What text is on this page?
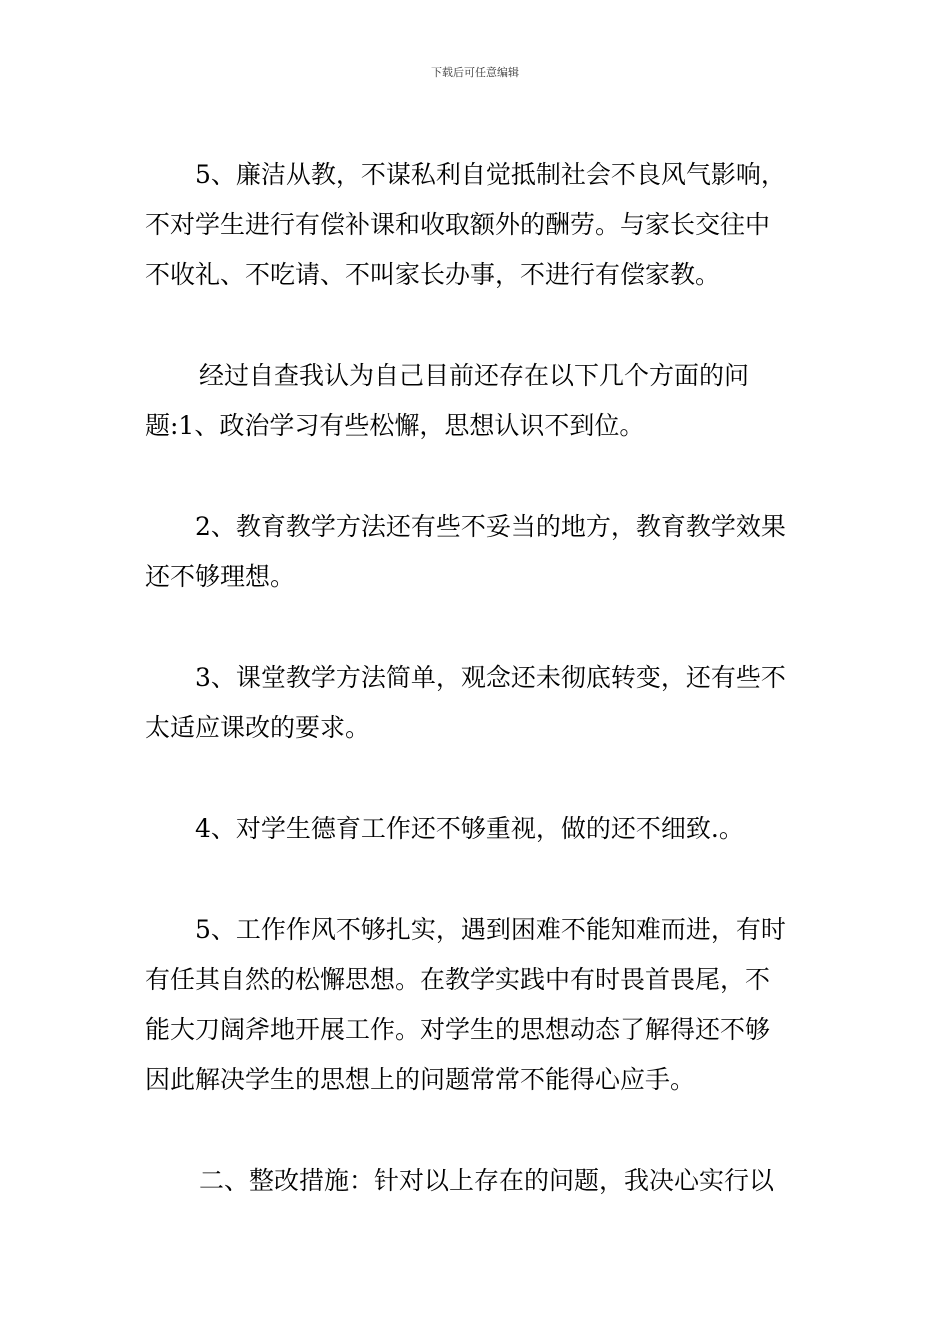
下载后可任意编辑

5、廉洁从教，不谋私利自觉抵制社会不良风气影响，
不对学生进行有偿补课和收取额外的酬劳。与家长交往中
不收礼、不吃请、不叫家长办事，不进行有偿家教。

经过自查我认为自己目前还存在以下几个方面的问
题:1、政治学习有些松懈，思想认识不到位。

2、教育教学方法还有些不妥当的地方，教育教学效果
还不够理想。

3、课堂教学方法简单，观念还未彻底转变，还有些不
太适应课改的要求。

4、对学生德育工作还不够重视，做的还不细致.。

5、工作作风不够扎实，遇到困难不能知难而进，有时
有任其自然的松懈思想。在教学实践中有时畏首畏尾，不
能大刀阔斧地开展工作。对学生的思想动态了解得还不够
因此解决学生的思想上的问题常常不能得心应手。

二、整改措施：针对以上存在的问题，我决心实行以
